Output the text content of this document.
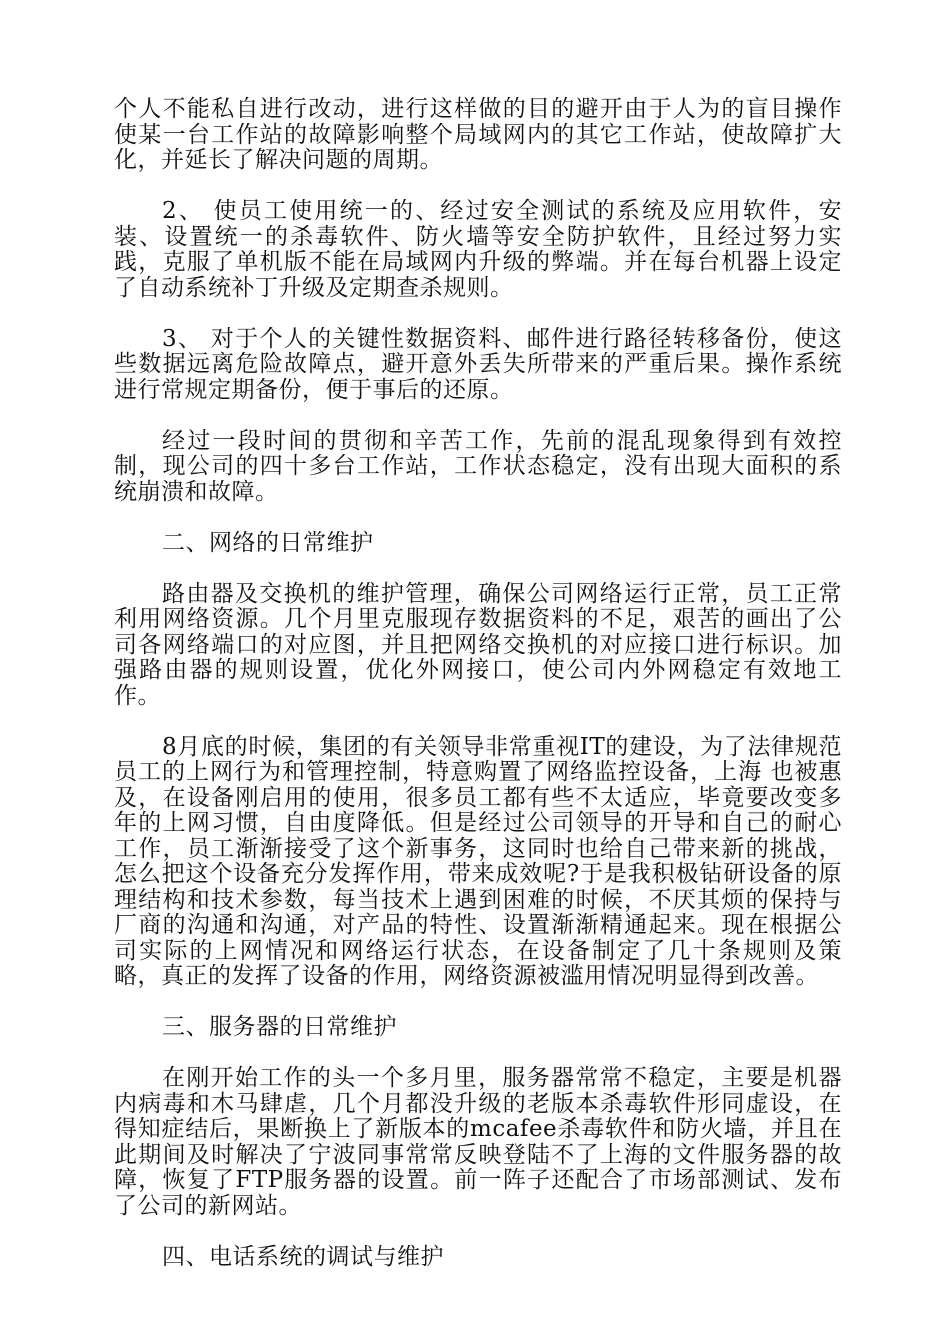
个人不能私自进行改动，进行这样做的目的避开由于人为的盲目操作使某一台工作站的故障影响整个局域网内的其它工作站，使故障扩大化，并延长了解决问题的周期。

2、 使员工使用统一的、经过安全测试的系统及应用软件，安装、设置统一的杀毒软件、防火墙等安全防护软件，且经过努力实践，克服了单机版不能在局域网内升级的弊端。并在每台机器上设定了自动系统补丁升级及定期查杀规则。

3、 对于个人的关键性数据资料、邮件进行路径转移备份，使这些数据远离危险故障点，避开意外丢失所带来的严重后果。操作系统进行常规定期备份，便于事后的还原。

经过一段时间的贯彻和辛苦工作，先前的混乱现象得到有效控制，现公司的四十多台工作站，工作状态稳定，没有出现大面积的系统崩溃和故障。

二、网络的日常维护

路由器及交换机的维护管理，确保公司网络运行正常，员工正常利用网络资源。几个月里克服现存数据资料的不足，艰苦的画出了公司各网络端口的对应图，并且把网络交换机的对应接口进行标识。加强路由器的规则设置，优化外网接口，使公司内外网稳定有效地工作。

8月底的时候，集团的有关领导非常重视IT的建设，为了法律规范员工的上网行为和管理控制，特意购置了网络监控设备，上海 也被惠及，在设备刚启用的使用，很多员工都有些不太适应，毕竟要改变多年的上网习惯，自由度降低。但是经过公司领导的开导和自己的耐心工作，员工渐渐接受了这个新事务，这同时也给自己带来新的挑战，怎么把这个设备充分发挥作用，带来成效呢?于是我积极钻研设备的原理结构和技术参数，每当技术上遇到困难的时候，不厌其烦的保持与厂商的沟通和沟通，对产品的特性、设置渐渐精通起来。现在根据公司实际的上网情况和网络运行状态，在设备制定了几十条规则及策略，真正的发挥了设备的作用，网络资源被滥用情况明显得到改善。

三、服务器的日常维护

在刚开始工作的头一个多月里，服务器常常不稳定，主要是机器内病毒和木马肆虐，几个月都没升级的老版本杀毒软件形同虚设，在得知症结后，果断换上了新版本的mcafee杀毒软件和防火墙，并且在此期间及时解决了宁波同事常常反映登陆不了上海的文件服务器的故障，恢复了FTP服务器的设置。前一阵子还配合了市场部测试、发布了公司的新网站。

四、电话系统的调试与维护
